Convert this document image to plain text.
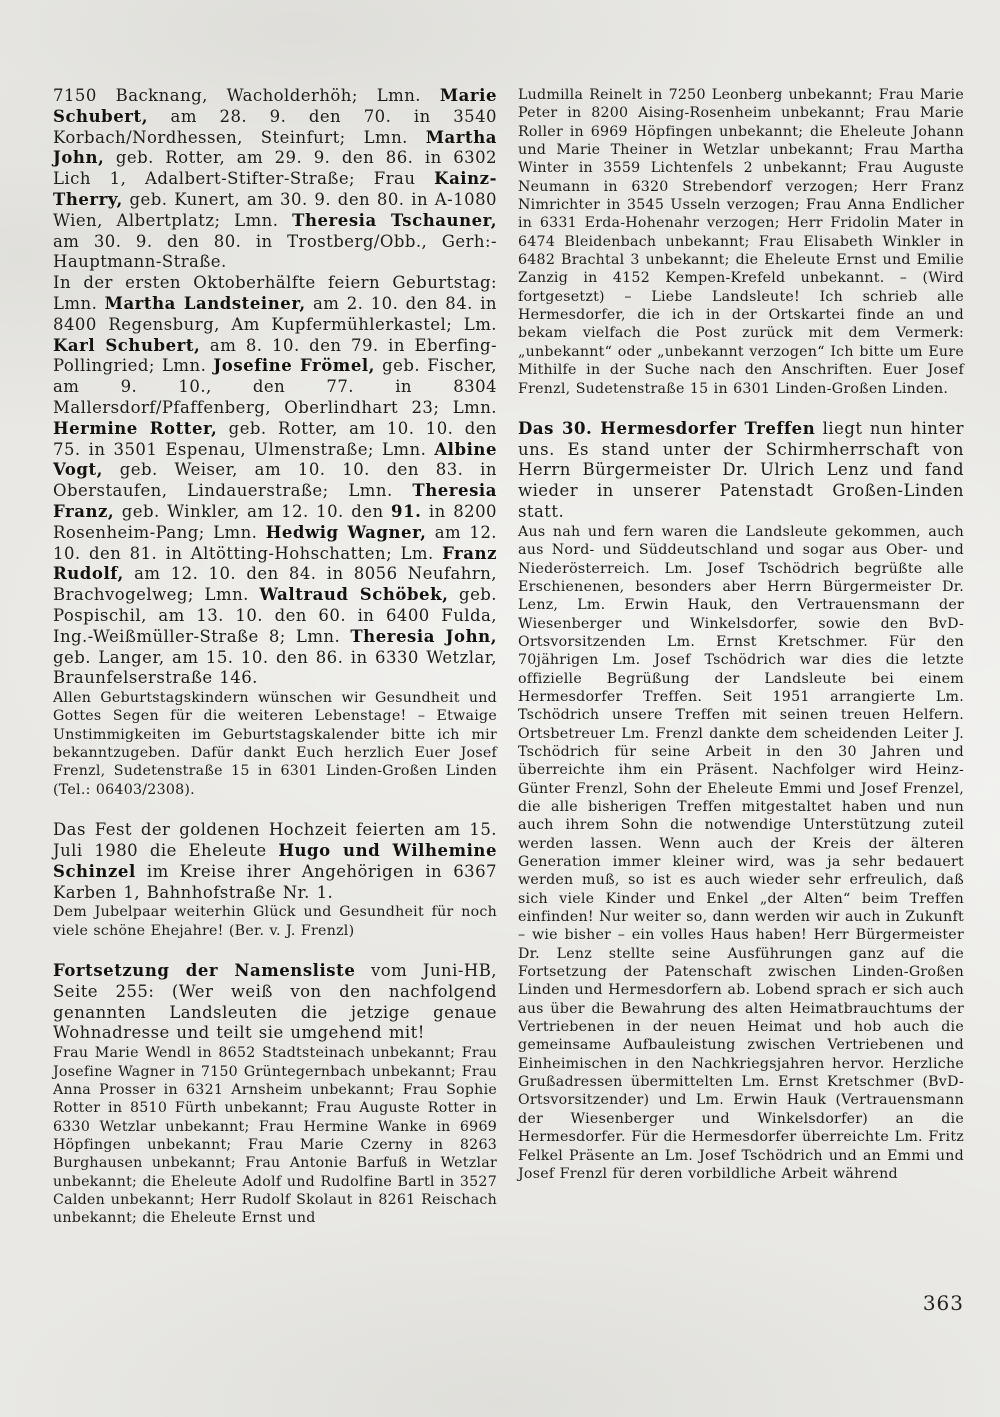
7150 Backnang, Wacholderhöh; Lmn. Marie Schubert, am 28. 9. den 70. in 3540 Korbach/Nordhessen, Steinfurt; Lmn. Martha John, geb. Rotter, am 29. 9. den 86. in 6302 Lich 1, Adalbert-Stifter-Straße; Frau Kainz-Therry, geb. Kunert, am 30. 9. den 80. in A-1080 Wien, Albertplatz; Lmn. Theresia Tschauner, am 30. 9. den 80. in Trostberg/Obb., Gerh:-Hauptmann-Straße.

In der ersten Oktoberhälfte feiern Geburtstag: Lmn. Martha Landsteiner, am 2. 10. den 84. in 8400 Regensburg, Am Kupfermühlerkastel; Lm. Karl Schubert, am 8. 10. den 79. in Eberfing-Pollingried; Lmn. Josefine Frömel, geb. Fischer, am 9. 10., den 77. in 8304 Mallersdorf/Pfaffenberg, Oberlindhart 23; Lmn. Hermine Rotter, geb. Rotter, am 10. 10. den 75. in 3501 Espenau, Ulmenstraße; Lmn. Albine Vogt, geb. Weiser, am 10. 10. den 83. in Oberstaufen, Lindauerstraße; Lmn. Theresia Franz, geb. Winkler, am 12. 10. den 91. in 8200 Rosenheim-Pang; Lmn. Hedwig Wagner, am 12. 10. den 81. in Altötting-Hohschatten; Lm. Franz Rudolf, am 12. 10. den 84. in 8056 Neufahrn, Brachvogelweg; Lmn. Waltraud Schöbek, geb. Pospischil, am 13. 10. den 60. in 6400 Fulda, Ing.-Weißmüller-Straße 8; Lmn. Theresia John, geb. Langer, am 15. 10. den 86. in 6330 Wetzlar, Braunfelserstraße 146.

Allen Geburtstagskindern wünschen wir Gesundheit und Gottes Segen für die weiteren Lebenstage! – Etwaige Unstimmigkeiten im Geburtstagskalender bitte ich mir bekanntzugeben. Dafür dankt Euch herzlich Euer Josef Frenzl, Sudetenstraße 15 in 6301 Linden-Großen Linden (Tel.: 06403/2308).

Das Fest der goldenen Hochzeit feierten am 15. Juli 1980 die Eheleute Hugo und Wilhemine Schinzel im Kreise ihrer Angehörigen in 6367 Karben 1, Bahnhofstraße Nr. 1.

Dem Jubelpaar weiterhin Glück und Gesundheit für noch viele schöne Ehejahre! (Ber. v. J. Frenzl)

Fortsetzung der Namensliste vom Juni-HB, Seite 255: (Wer weiß von den nachfolgend genannten Landsleuten die jetzige genaue Wohnadresse und teilt sie umgehend mit!

Frau Marie Wendl in 8652 Stadtsteinach unbekannt; Frau Josefine Wagner in 7150 Grüntegernbach unbekannt; Frau Anna Prosser in 6321 Arnsheim unbekannt; Frau Sophie Rotter in 8510 Fürth unbekannt; Frau Auguste Rotter in 6330 Wetzlar unbekannt; Frau Hermine Wanke in 6969 Höpfingen unbekannt; Frau Marie Czerny in 8263 Burghausen unbekannt; Frau Antonie Barfuß in Wetzlar unbekannt; die Eheleute Adolf und Rudolfine Bartl in 3527 Calden unbekannt; Herr Rudolf Skolaut in 8261 Reischach unbekannt; die Eheleute Ernst und

Ludmilla Reinelt in 7250 Leonberg unbekannt; Frau Marie Peter in 8200 Aising-Rosenheim unbekannt; Frau Marie Roller in 6969 Höpfingen unbekannt; die Eheleute Johann und Marie Theiner in Wetzlar unbekannt; Frau Martha Winter in 3559 Lichtenfels 2 unbekannt; Frau Auguste Neumann in 6320 Strebendorf verzogen; Herr Franz Nimrichter in 3545 Usseln verzogen; Frau Anna Endlicher in 6331 Erda-Hohenahr verzogen; Herr Fridolin Mater in 6474 Bleidenbach unbekannt; Frau Elisabeth Winkler in 6482 Brachtal 3 unbekannt; die Eheleute Ernst und Emilie Zanzig in 4152 Kempen-Krefeld unbekannt. – (Wird fortgesetzt) – Liebe Landsleute! Ich schrieb alle Hermesdorfer, die ich in der Ortskartei finde an und bekam vielfach die Post zurück mit dem Vermerk: „unbekannt“ oder „unbekannt verzogen“ Ich bitte um Eure Mithilfe in der Suche nach den Anschriften. Euer Josef Frenzl, Sudetenstraße 15 in 6301 Linden-Großen Linden.

Das 30. Hermesdorfer Treffen liegt nun hinter uns. Es stand unter der Schirmherrschaft von Herrn Bürgermeister Dr. Ulrich Lenz und fand wieder in unserer Patenstadt Großen-Linden statt.

Aus nah und fern waren die Landsleute gekommen, auch aus Nord- und Süddeutschland und sogar aus Ober- und Niederösterreich. Lm. Josef Tschödrich begrüßte alle Erschienenen, besonders aber Herrn Bürgermeister Dr. Lenz, Lm. Erwin Hauk, den Vertrauensmann der Wiesenberger und Winkelsdorfer, sowie den BvD-Ortsvorsitzenden Lm. Ernst Kretschmer. Für den 70jährigen Lm. Josef Tschödrich war dies die letzte offizielle Begrüßung der Landsleute bei einem Hermesdorfer Treffen. Seit 1951 arrangierte Lm. Tschödrich unsere Treffen mit seinen treuen Helfern. Ortsbetreuer Lm. Frenzl dankte dem scheidenden Leiter J. Tschödrich für seine Arbeit in den 30 Jahren und überreichte ihm ein Präsent. Nachfolger wird Heinz-Günter Frenzl, Sohn der Eheleute Emmi und Josef Frenzel, die alle bisherigen Treffen mitgestaltet haben und nun auch ihrem Sohn die notwendige Unterstützung zuteil werden lassen. Wenn auch der Kreis der älteren Generation immer kleiner wird, was ja sehr bedauert werden muß, so ist es auch wieder sehr erfreulich, daß sich viele Kinder und Enkel „der Alten“ beim Treffen einfinden! Nur weiter so, dann werden wir auch in Zukunft – wie bisher – ein volles Haus haben! Herr Bürgermeister Dr. Lenz stellte seine Ausführungen ganz auf die Fortsetzung der Patenschaft zwischen Linden-Großen Linden und Hermesdorfern ab. Lobend sprach er sich auch aus über die Bewahrung des alten Heimatbrauchtums der Vertriebenen in der neuen Heimat und hob auch die gemeinsame Aufbauleistung zwischen Vertriebenen und Einheimischen in den Nachkriegsjahren hervor. Herzliche Grußadressen übermittelten Lm. Ernst Kretschmer (BvD-Ortsvorsitzender) und Lm. Erwin Hauk (Vertrauensmann der Wiesenberger und Winkelsdorfer) an die Hermesdorfer. Für die Hermesdorfer überreichte Lm. Fritz Felkel Präsente an Lm. Josef Tschödrich und an Emmi und Josef Frenzl für deren vorbildliche Arbeit während

363
